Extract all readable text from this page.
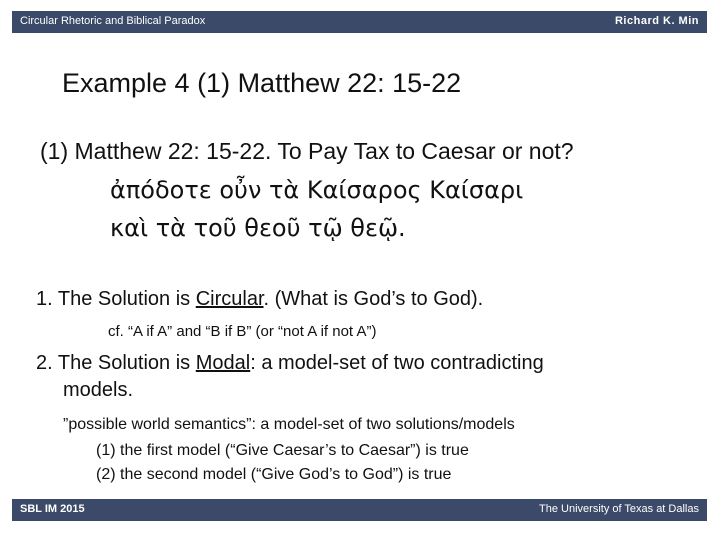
Circular Rhetoric and Biblical Paradox	Richard K. Min
Example 4 (1) Matthew 22: 15-22
(1) Matthew 22: 15-22. To Pay Tax to Caesar or not?
ἀπόδοτε οὖν τὰ Καίσαρος Καίσαρι
καὶ τὰ τοῦ θεοῦ τῷ θεῷ.
1. The Solution is Circular. (What is God’s to God).
cf. “A if A” and “B if B” (or “not A if not A”)
2. The Solution is Modal: a model-set of two contradicting
models.
”possible world semantics”: a model-set of two solutions/models
(1) the first model (“Give Caesar’s to Caesar”) is true
(2) the second model (“Give God’s to God”) is true
SBL IM 2015	The University of Texas at Dallas
